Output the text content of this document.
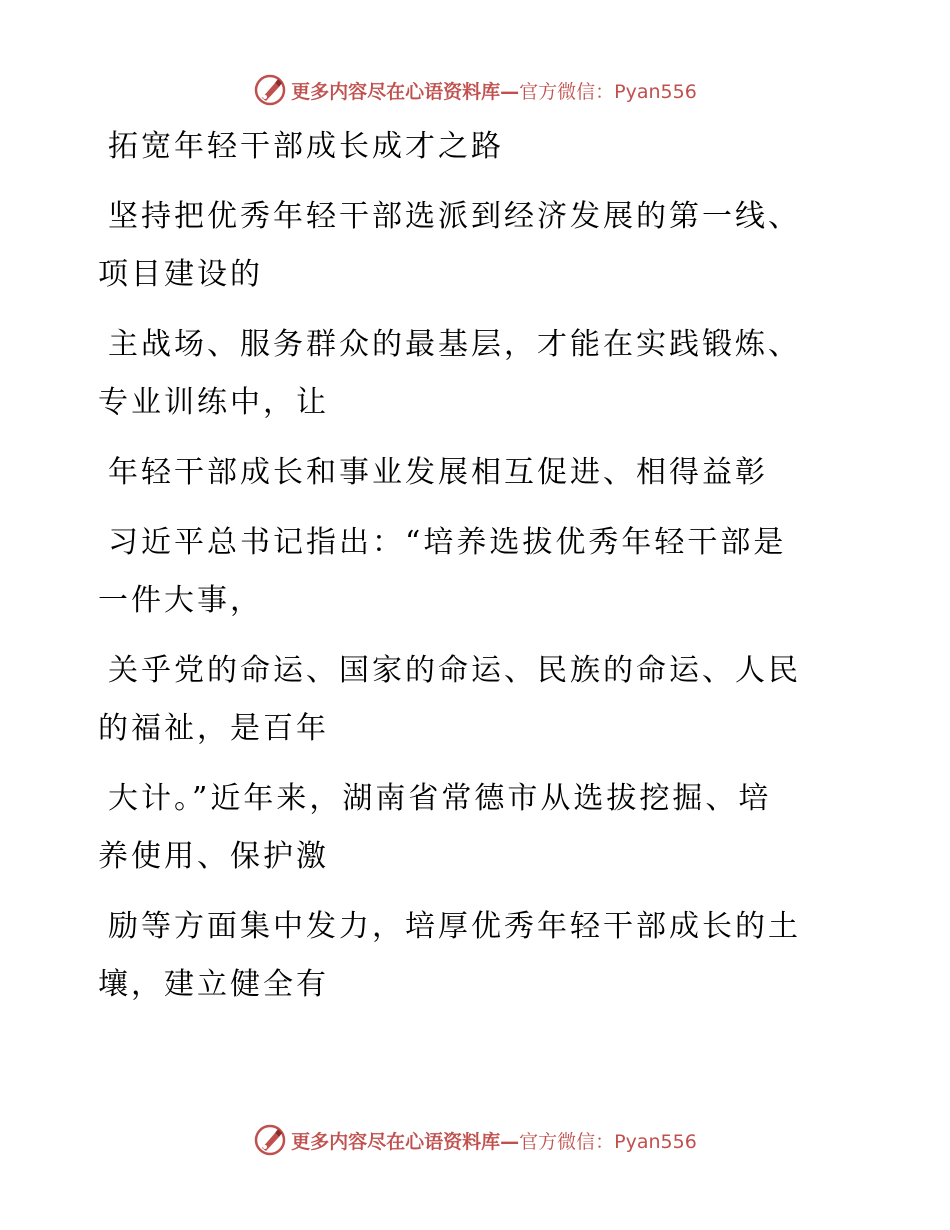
更多内容尽在心语资料库—官方微信：Pyan556
拓宽年轻干部成长成才之路
坚持把优秀年轻干部选派到经济发展的第一线、
项目建设的
主战场、服务群众的最基层，才能在实践锻炼、
专业训练中，让
年轻干部成长和事业发展相互促进、相得益彰
习近平总书记指出：“培养选拔优秀年轻干部是
一件大事，
关乎党的命运、国家的命运、民族的命运、人民
的福祉，是百年
大计。”近年来，湖南省常德市从选拔挖掘、培
养使用、保护激
励等方面集中发力，培厚优秀年轻干部成长的土
壤，建立健全有
更多内容尽在心语资料库—官方微信：Pyan556
